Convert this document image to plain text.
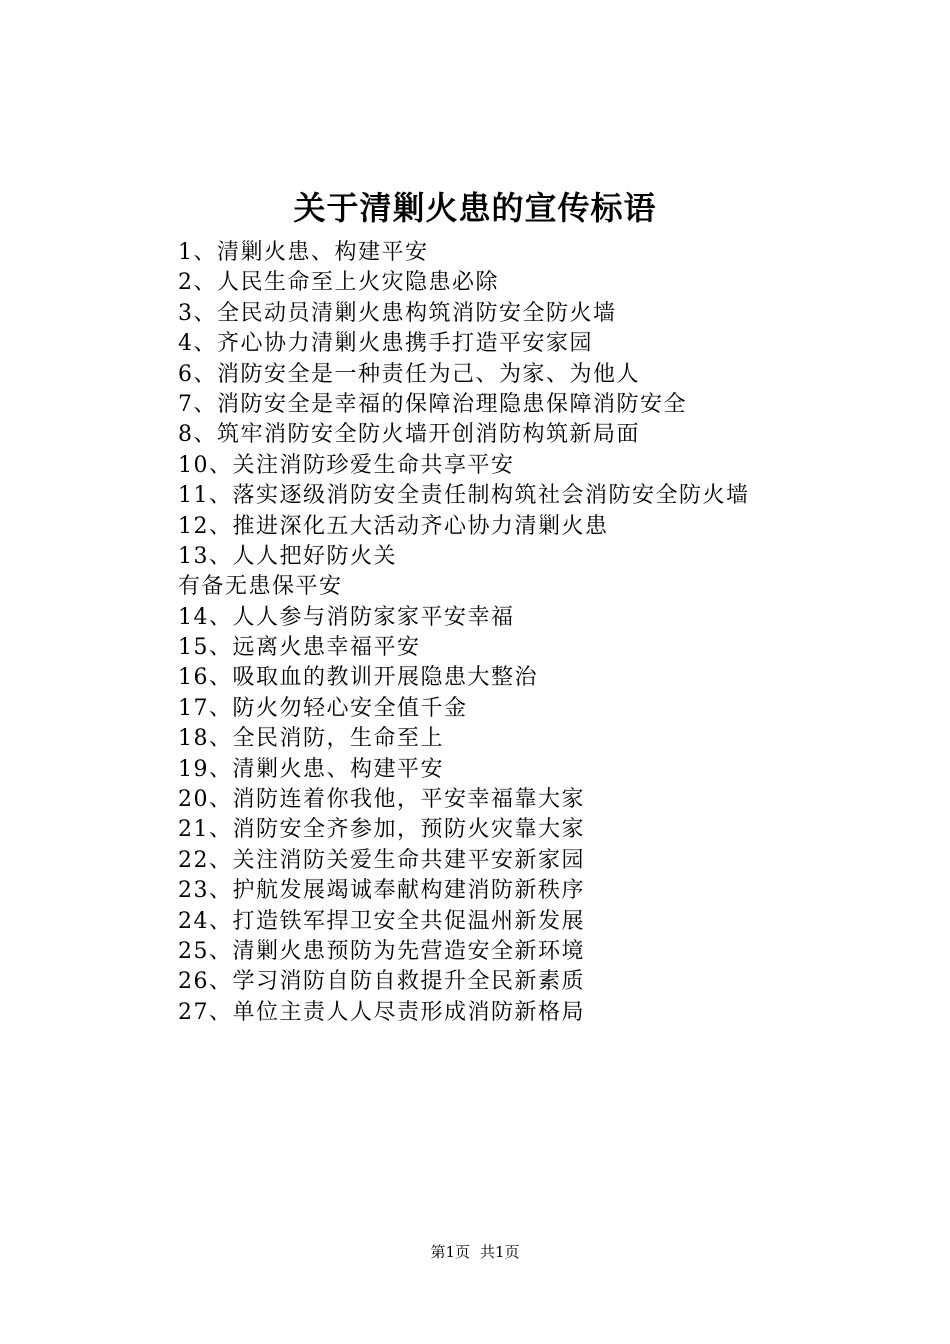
关于清剿火患的宣传标语
1、清剿火患、构建平安
2、人民生命至上火灾隐患必除
3、全民动员清剿火患构筑消防安全防火墙
4、齐心协力清剿火患携手打造平安家园
6、消防安全是一种责任为己、为家、为他人
7、消防安全是幸福的保障治理隐患保障消防安全
8、筑牢消防安全防火墙开创消防构筑新局面
10、关注消防珍爱生命共享平安
11、落实逐级消防安全责任制构筑社会消防安全防火墙
12、推进深化五大活动齐心协力清剿火患
13、人人把好防火关
有备无患保平安
14、人人参与消防家家平安幸福
15、远离火患幸福平安
16、吸取血的教训开展隐患大整治
17、防火勿轻心安全值千金
18、全民消防，生命至上
19、清剿火患、构建平安
20、消防连着你我他，平安幸福靠大家
21、消防安全齐参加，预防火灾靠大家
22、关注消防关爱生命共建平安新家园
23、护航发展竭诚奉献构建消防新秩序
24、打造铁军捍卫安全共促温州新发展
25、清剿火患预防为先营造安全新环境
26、学习消防自防自救提升全民新素质
27、单位主责人人尽责形成消防新格局
第1页 共1页
